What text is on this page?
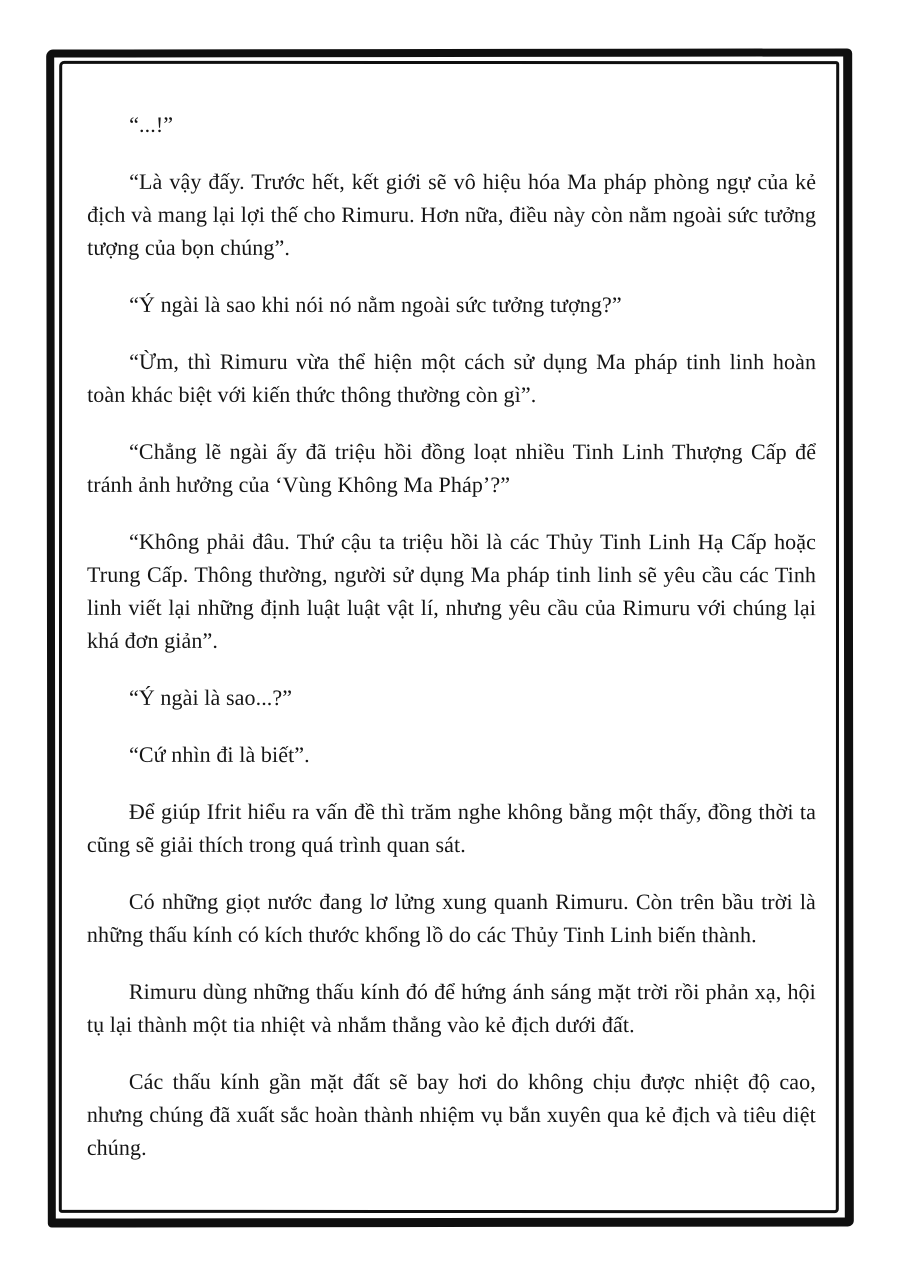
“...!”

“Là vậy đấy. Trước hết, kết giới sẽ vô hiệu hóa Ma pháp phòng ngự của kẻ địch và mang lại lợi thế cho Rimuru. Hơn nữa, điều này còn nằm ngoài sức tưởng tượng của bọn chúng”.

“Ý ngài là sao khi nói nó nằm ngoài sức tưởng tượng?”

“Ừm, thì Rimuru vừa thể hiện một cách sử dụng Ma pháp tinh linh hoàn toàn khác biệt với kiến thức thông thường còn gì”.

“Chẳng lẽ ngài ấy đã triệu hồi đồng loạt nhiều Tinh Linh Thượng Cấp để tránh ảnh hưởng của ‘Vùng Không Ma Pháp’?”

“Không phải đâu. Thứ cậu ta triệu hồi là các Thủy Tinh Linh Hạ Cấp hoặc Trung Cấp. Thông thường, người sử dụng Ma pháp tinh linh sẽ yêu cầu các Tinh linh viết lại những định luật luật vật lí, nhưng yêu cầu của Rimuru với chúng lại khá đơn giản”.

“Ý ngài là sao...?”

“Cứ nhìn đi là biết”.

Để giúp Ifrit hiểu ra vấn đề thì trăm nghe không bằng một thấy, đồng thời ta cũng sẽ giải thích trong quá trình quan sát.

Có những giọt nước đang lơ lửng xung quanh Rimuru. Còn trên bầu trời là những thấu kính có kích thước khổng lồ do các Thủy Tinh Linh biến thành.

Rimuru dùng những thấu kính đó để hứng ánh sáng mặt trời rồi phản xạ, hội tụ lại thành một tia nhiệt và nhắm thẳng vào kẻ địch dưới đất.

Các thấu kính gần mặt đất sẽ bay hơi do không chịu được nhiệt độ cao, nhưng chúng đã xuất sắc hoàn thành nhiệm vụ bắn xuyên qua kẻ địch và tiêu diệt chúng.
